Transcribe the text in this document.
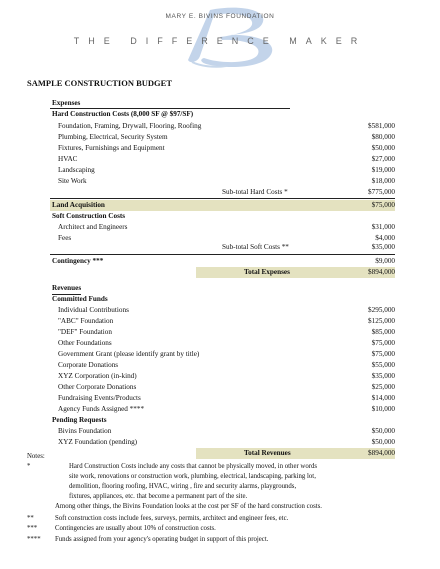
MARY E. BIVINS FOUNDATION
THE DIFFERENCE MAKER
SAMPLE CONSTRUCTION BUDGET
Expenses
Hard Construction Costs (8,000 SF @ $97/SF)
Foundation, Framing, Drywall, Flooring, Roofing	$581,000
Plumbing, Electrical, Security System	$80,000
Fixtures, Furnishings and Equipment	$50,000
HVAC	$27,000
Landscaping	$19,000
Site Work	$18,000
Sub-total Hard Costs *	$775,000
Land Acquisition	$75,000
Soft Construction Costs
Architect and Engineers	$31,000
Fees	$4,000
Sub-total Soft Costs **	$35,000
Contingency ***	$9,000
Total Expenses	$894,000
Revenues
Committed Funds
Individual Contributions	$295,000
"ABC" Foundation	$125,000
"DEF" Foundation	$85,000
Other Foundations	$75,000
Government Grant (please identify grant by title)	$75,000
Corporate Donations	$55,000
XYZ Corporation (in-kind)	$35,000
Other Corporate Donations	$25,000
Fundraising Events/Products	$14,000
Agency Funds Assigned ****	$10,000
Pending Requests
Bivins Foundation	$50,000
XYZ Foundation (pending)	$50,000
Total Revenues	$894,000
Notes:
*	Hard Construction Costs include any costs that cannot be physically moved, in other words
site work, renovations or construction work, plumbing, electrical, landscaping, parking lot,
demolition, flooring roofing, HVAC, wiring , fire and security alarms, playgrounds,
fixtures, appliances, etc. that become a permanent part of the site.
Among other things, the Bivins Foundation looks at the cost per SF of the hard construction costs.
**	Soft construction costs include fees, surveys, permits, architect and engineer fees, etc.
***	Contingencies are usually about 10% of construction costs.
**** Funds assigned from your agency's operating budget in support of this project.
